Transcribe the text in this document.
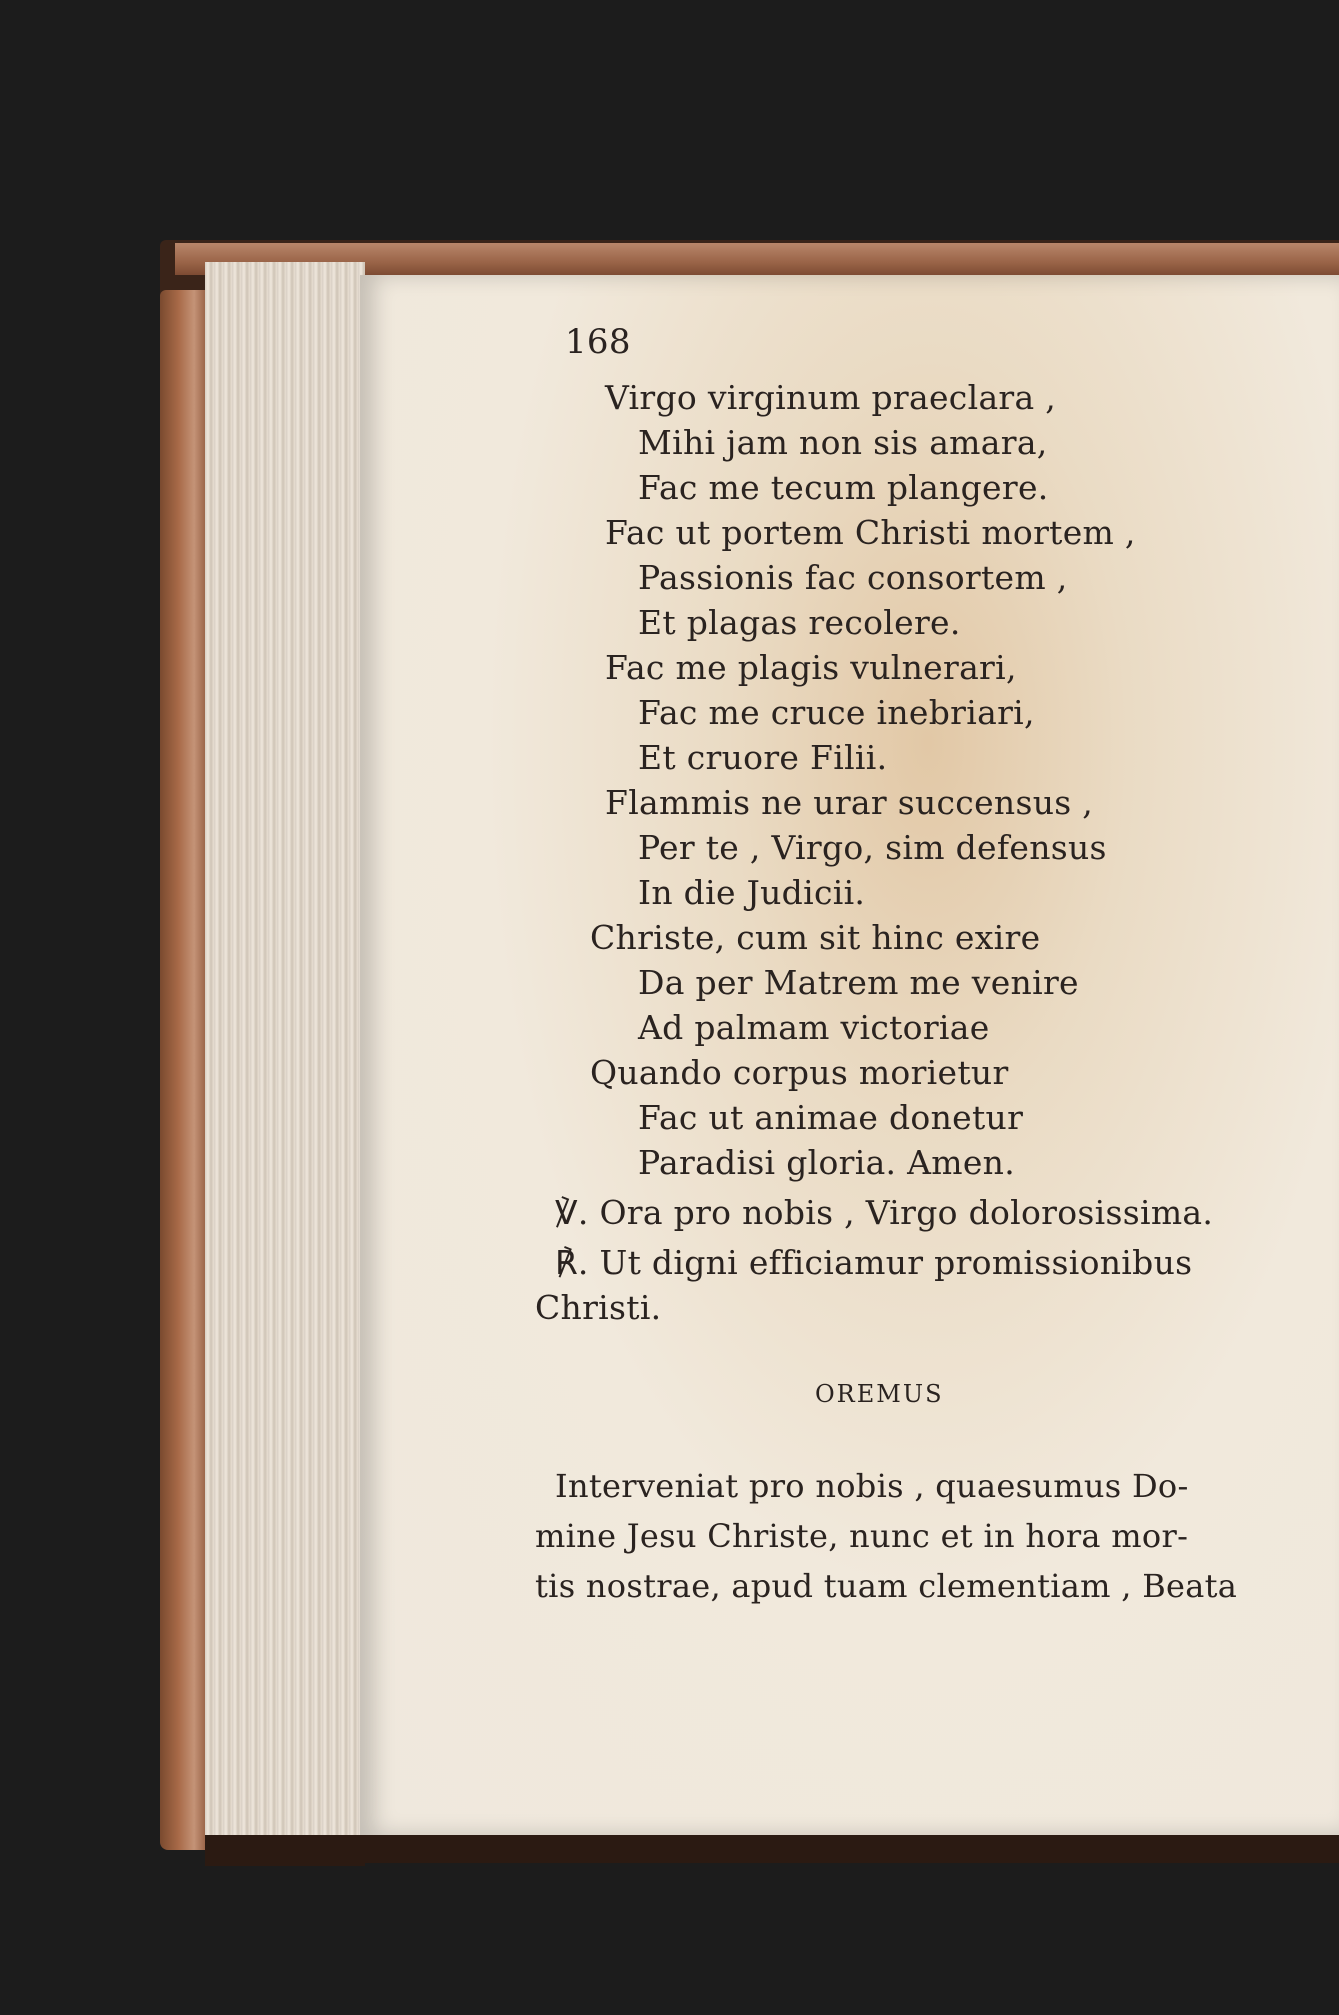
168
Virgo virginum praeclara ,
Mihi jam non sis amara,
Fac me tecum plangere.
Fac ut portem Christi mortem ,
Passionis fac consortem ,
Et plagas recolere.
Fac me plagis vulnerari,
Fac me cruce inebriari,
Et cruore Filii.
Flammis ne urar succensus ,
Per te , Virgo, sim defensus
In die Judicii.
Christe, cum sit hinc exire
Da per Matrem me venire
Ad palmam victoriae
Quando corpus morietur
Fac ut animae donetur
Paradisi gloria. Amen.
℣. Ora pro nobis , Virgo dolorosissima.
℟. Ut digni efficiamur promissionibus
Christi.
OREMUS
Interveniat pro nobis , quaesumus Do-
mine Jesu Christe, nunc et in hora mor-
tis nostrae, apud tuam clementiam , Beata
